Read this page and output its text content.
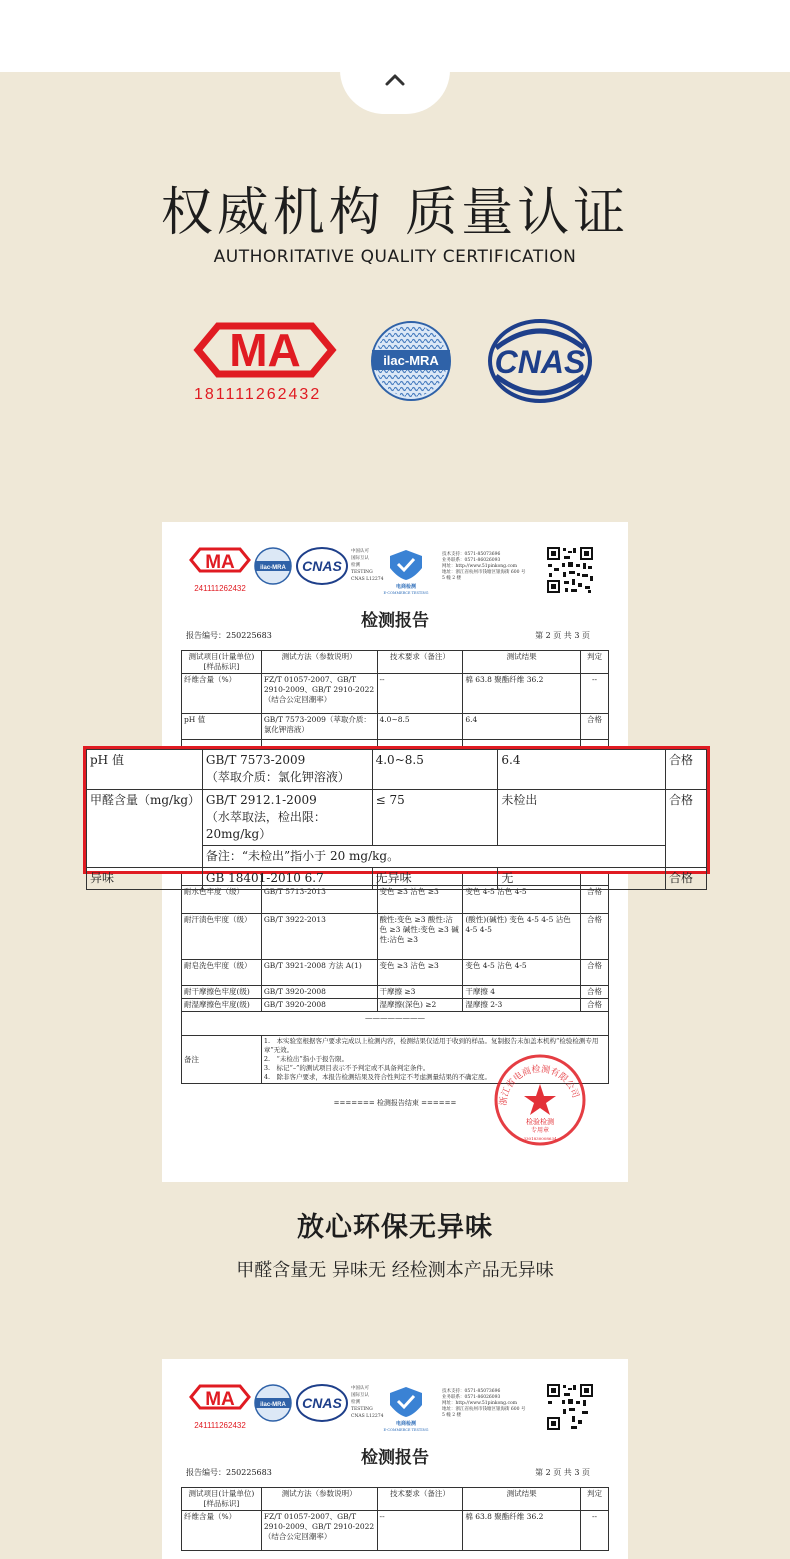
权威机构 质量认证
AUTHORITATIVE QUALITY CERTIFICATION
MA
181111262432
ilac-MRA CNAS
MA
241111262432
ilac-MRA CNAS
中国认可
国际互认
检测
TESTING
CNAS L12274
电商检测
E-COMMERCE TESTING
技术支持：0571-85073696
业务联系：0571-86026093
网址：http://www.51pinkong.com
地址：浙江省杭州市钱塘区银海街 600 号
5 幢 2 楼
检测报告
报告编号：250225683	第 2 页 共 3 页
测试项目(计量单位)[样品标识]	测试方法（参数说明）	技术要求（备注）	测试结果	判定
纤维含量（%）	FZ/T 01057-2007、GB/T 2910-2009、GB/T 2910-2022（结合公定回潮率）	--	棉 63.8 聚酯纤维 36.2	--
pH 值	GB/T 7573-2009（萃取介质：氯化钾溶液）	4.0~8.5	6.4	合格

耐水色牢度（级）	GB/T 5713-2013	变色 ≥3 沾色 ≥3	变色 4-5 沾色 4-5	合格
耐汗渍色牢度（级）	GB/T 3922-2013	酸性:变色 ≥3 酸性:沾色 ≥3 碱性:变色 ≥3 碱性:沾色 ≥3	(酸性)(碱性) 变色 4-5 4-5 沾色 4-5 4-5	合格
耐皂洗色牢度（级）	GB/T 3921-2008 方法 A(1)	变色 ≥3 沾色 ≥3	变色 4-5 沾色 4-5	合格
耐干摩擦色牢度(级)	GB/T 3920-2008	干摩擦 ≥3	干摩擦 4	合格
耐湿摩擦色牢度(级)	GB/T 3920-2008	湿摩擦(深色) ≥2	湿摩擦 2-3	合格
————————				
备注	1.　本实验室根据客户要求完成以上检测内容，检测结果仅适用于收到的样品。复制报告未加盖本机构“检验检测专用章”无效。
2.　“未检出”指小于报告限。
3.　标记“–”的测试项目表示不予判定或不具备判定条件。
4.　除非客户要求，本报告检测结果及符合性判定不考虑测量结果的不确定度。			
浙江省电商检测有限公司
检验检测
专用章
3301830008634
======= 检测报告结束 ======
pH 值	GB/T 7573-2009
（萃取介质：氯化钾溶液）	4.0~8.5	6.4	合格
甲醛含量（mg/kg）	GB/T 2912.1-2009
（水萃取法，检出限：20mg/kg）	≤ 75	未检出	合格
	备注：“未检出”指小于 20 mg/kg。			
异味	GB 18401-2010 6.7	无异味	无	合格
放心环保无异味
甲醛含量无 异味无 经检测本产品无异味
MA
241111262432
ilac-MRA CNAS
中国认可
国际互认
检测
TESTING
CNAS L12274
电商检测
E-COMMERCE TESTING
技术支持：0571-85073696
业务联系：0571-86026093
网址：http://www.51pinkong.com
地址：浙江省杭州市钱塘区银海街 600 号
5 幢 2 楼
检测报告
报告编号：250225683	第 2 页 共 3 页
测试项目(计量单位)[样品标识]	测试方法（参数说明）	技术要求（备注）	测试结果	判定
纤维含量（%）	FZ/T 01057-2007、GB/T 2910-2009、GB/T 2910-2022（结合公定回潮率）	--	棉 63.8 聚酯纤维 36.2	--
